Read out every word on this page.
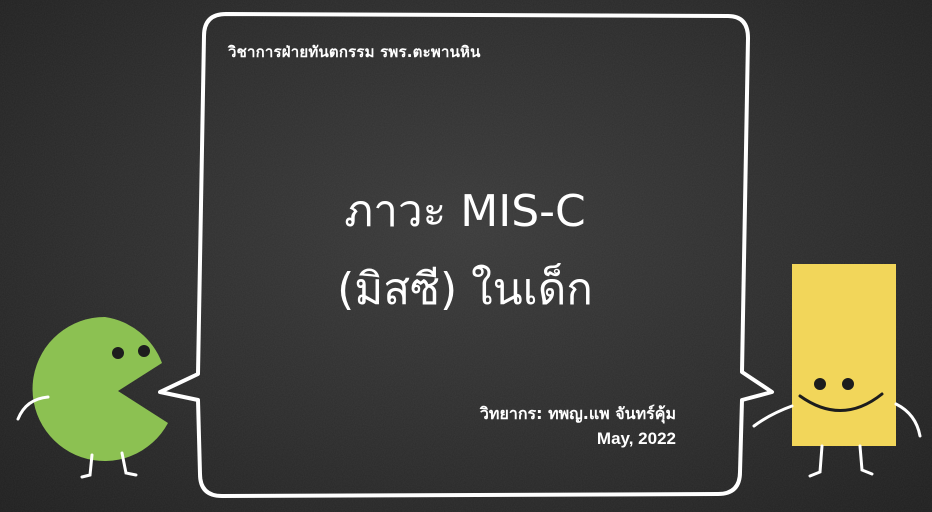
วิชาการฝ่ายทันตกรรม รพร.ตะพานหิน
ภาวะ MIS-C
(มิสซี) ในเด็ก
วิทยากร: ทพญ.แพ จันทร์คุ้ม
May, 2022
